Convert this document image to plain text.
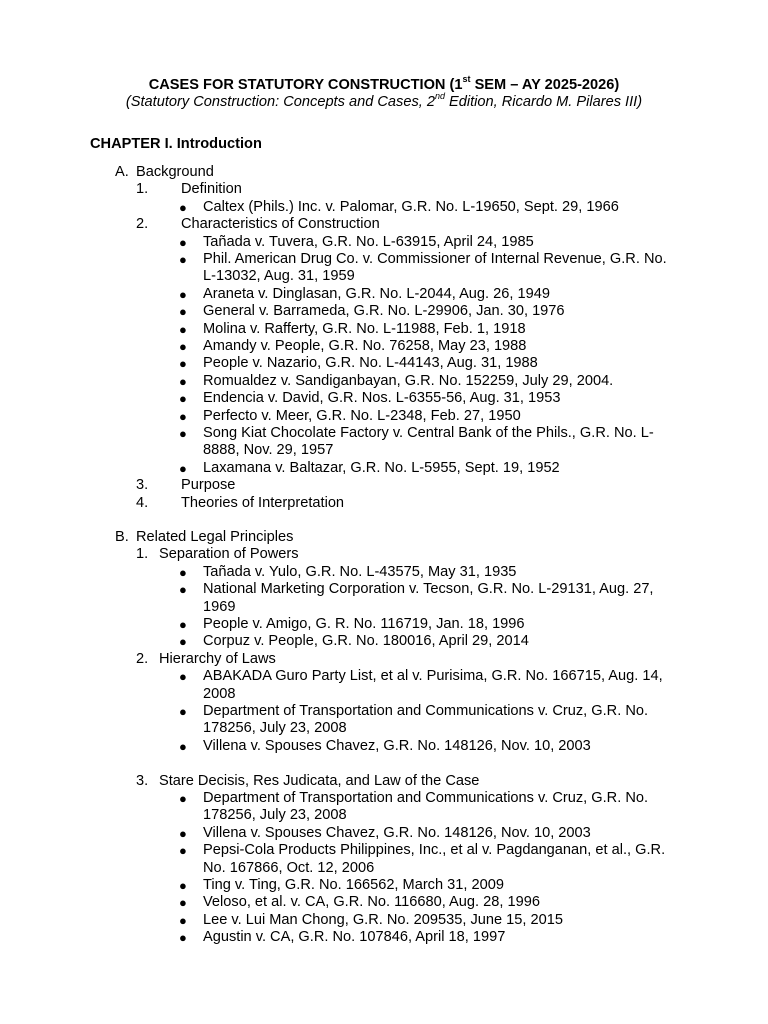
CASES FOR STATUTORY CONSTRUCTION (1st SEM – AY 2025-2026)
(Statutory Construction: Concepts and Cases, 2nd Edition, Ricardo M. Pilares III)
CHAPTER I. Introduction
A. Background
1. Definition
● Caltex (Phils.) Inc. v. Palomar, G.R. No. L-19650, Sept. 29, 1966
2. Characteristics of Construction
● Tañada v. Tuvera, G.R. No. L-63915, April 24, 1985
● Phil. American Drug Co. v. Commissioner of Internal Revenue, G.R. No. L-13032, Aug. 31, 1959
● Araneta v. Dinglasan, G.R. No. L-2044, Aug. 26, 1949
● General v. Barrameda, G.R. No. L-29906, Jan. 30, 1976
● Molina v. Rafferty, G.R. No. L-11988, Feb. 1, 1918
● Amandy v. People, G.R. No. 76258, May 23, 1988
● People v. Nazario, G.R. No. L-44143, Aug. 31, 1988
● Romualdez v. Sandiganbayan, G.R. No. 152259, July 29, 2004.
● Endencia v. David, G.R. Nos. L-6355-56, Aug. 31, 1953
● Perfecto v. Meer, G.R. No. L-2348, Feb. 27, 1950
● Song Kiat Chocolate Factory v. Central Bank of the Phils., G.R. No. L-8888, Nov. 29, 1957
● Laxamana v. Baltazar, G.R. No. L-5955, Sept. 19, 1952
3. Purpose
4. Theories of Interpretation
B. Related Legal Principles
1. Separation of Powers
● Tañada v. Yulo, G.R. No. L-43575, May 31, 1935
● National Marketing Corporation v. Tecson, G.R. No. L-29131, Aug. 27, 1969
● People v. Amigo, G. R. No. 116719, Jan. 18, 1996
● Corpuz v. People, G.R. No. 180016, April 29, 2014
2. Hierarchy of Laws
● ABAKADA Guro Party List, et al v. Purisima, G.R. No. 166715, Aug. 14, 2008
● Department of Transportation and Communications v. Cruz, G.R. No. 178256, July 23, 2008
● Villena v. Spouses Chavez, G.R. No. 148126, Nov. 10, 2003
3. Stare Decisis, Res Judicata, and Law of the Case
● Department of Transportation and Communications v. Cruz, G.R. No. 178256, July 23, 2008
● Villena v. Spouses Chavez, G.R. No. 148126, Nov. 10, 2003
● Pepsi-Cola Products Philippines, Inc., et al v. Pagdanganan, et al., G.R. No. 167866, Oct. 12, 2006
● Ting v. Ting, G.R. No. 166562, March 31, 2009
● Veloso, et al. v. CA, G.R. No. 116680, Aug. 28, 1996
● Lee v. Lui Man Chong, G.R. No. 209535, June 15, 2015
● Agustin v. CA, G.R. No. 107846, April 18, 1997
